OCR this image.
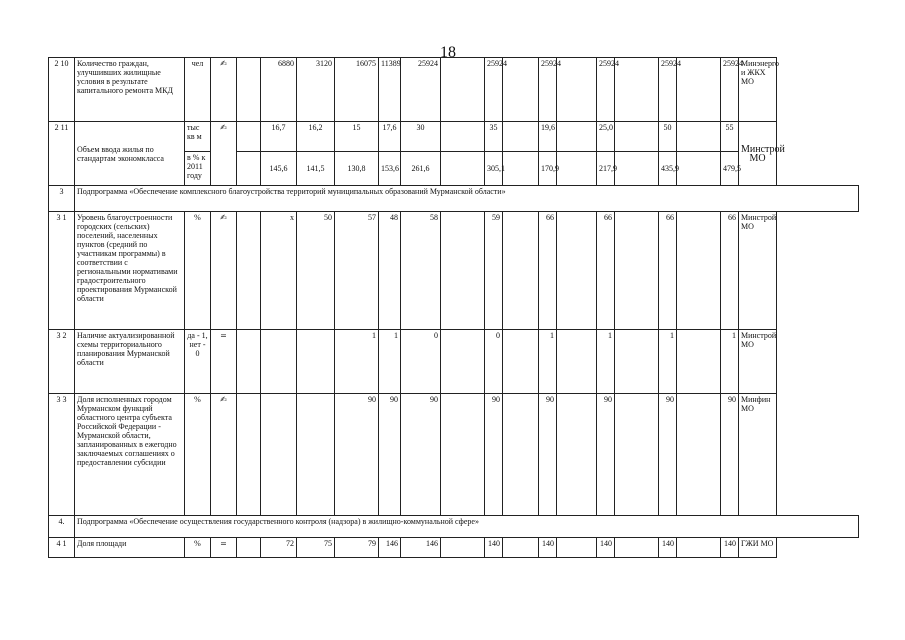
18
2 10	Количество граждан, улучшивших жилищные условия в результате капитального ремонта МКД	чел	✍		6880	3120	16075	11389	25924		25924		25924		25924		25924		25924	Минэнерго и ЖКХ МО
2 11	Объем ввода жилья по стандартам экономкласса	тыс кв м	✍		16,7	16,2	15	17,6	30		35		19,6		25,0		50		55	Минстрой МО
		в % к 2011 году			145,6	141,5	130,8	153,6	261,6		305,1		170,9		217,9		435,9		479,5	
3	Подпрограмма «Обеспечение комплексного благоустройства территорий муниципальных образований Мурманской области»																			
3 1	Уровень благоустроенности городских (сельских) поселений, населенных пунктов (средний по участникам программы) в соответствии с региональными нормативами градостроительного проектирования Мурманской области	%	✍		x	50	57	48	58		59		66		66		66		66	Минстрой МО
3 2	Наличие актуализированной схемы территориального планирования Мурманской области	да - 1, нет - 0	=				1	1	0		0		1		1		1		1	Минстрой МО
3 3	Доля исполненных городом Мурманском функций областного центра субъекта Российской Федерации - Мурманской области, запланированных в ежегодно заключаемых соглашениях о предоставлении субсидии	%	✍				90	90	90		90		90		90		90		90	Минфин МО
4.	Подпрограмма «Обеспечение осуществления государственного контроля (надзора) в жилищно-коммунальной сфере»																			
4 1	Доля площади	%	=		72	75	79	146	146		140		140		140		140		140	ГЖИ МО
